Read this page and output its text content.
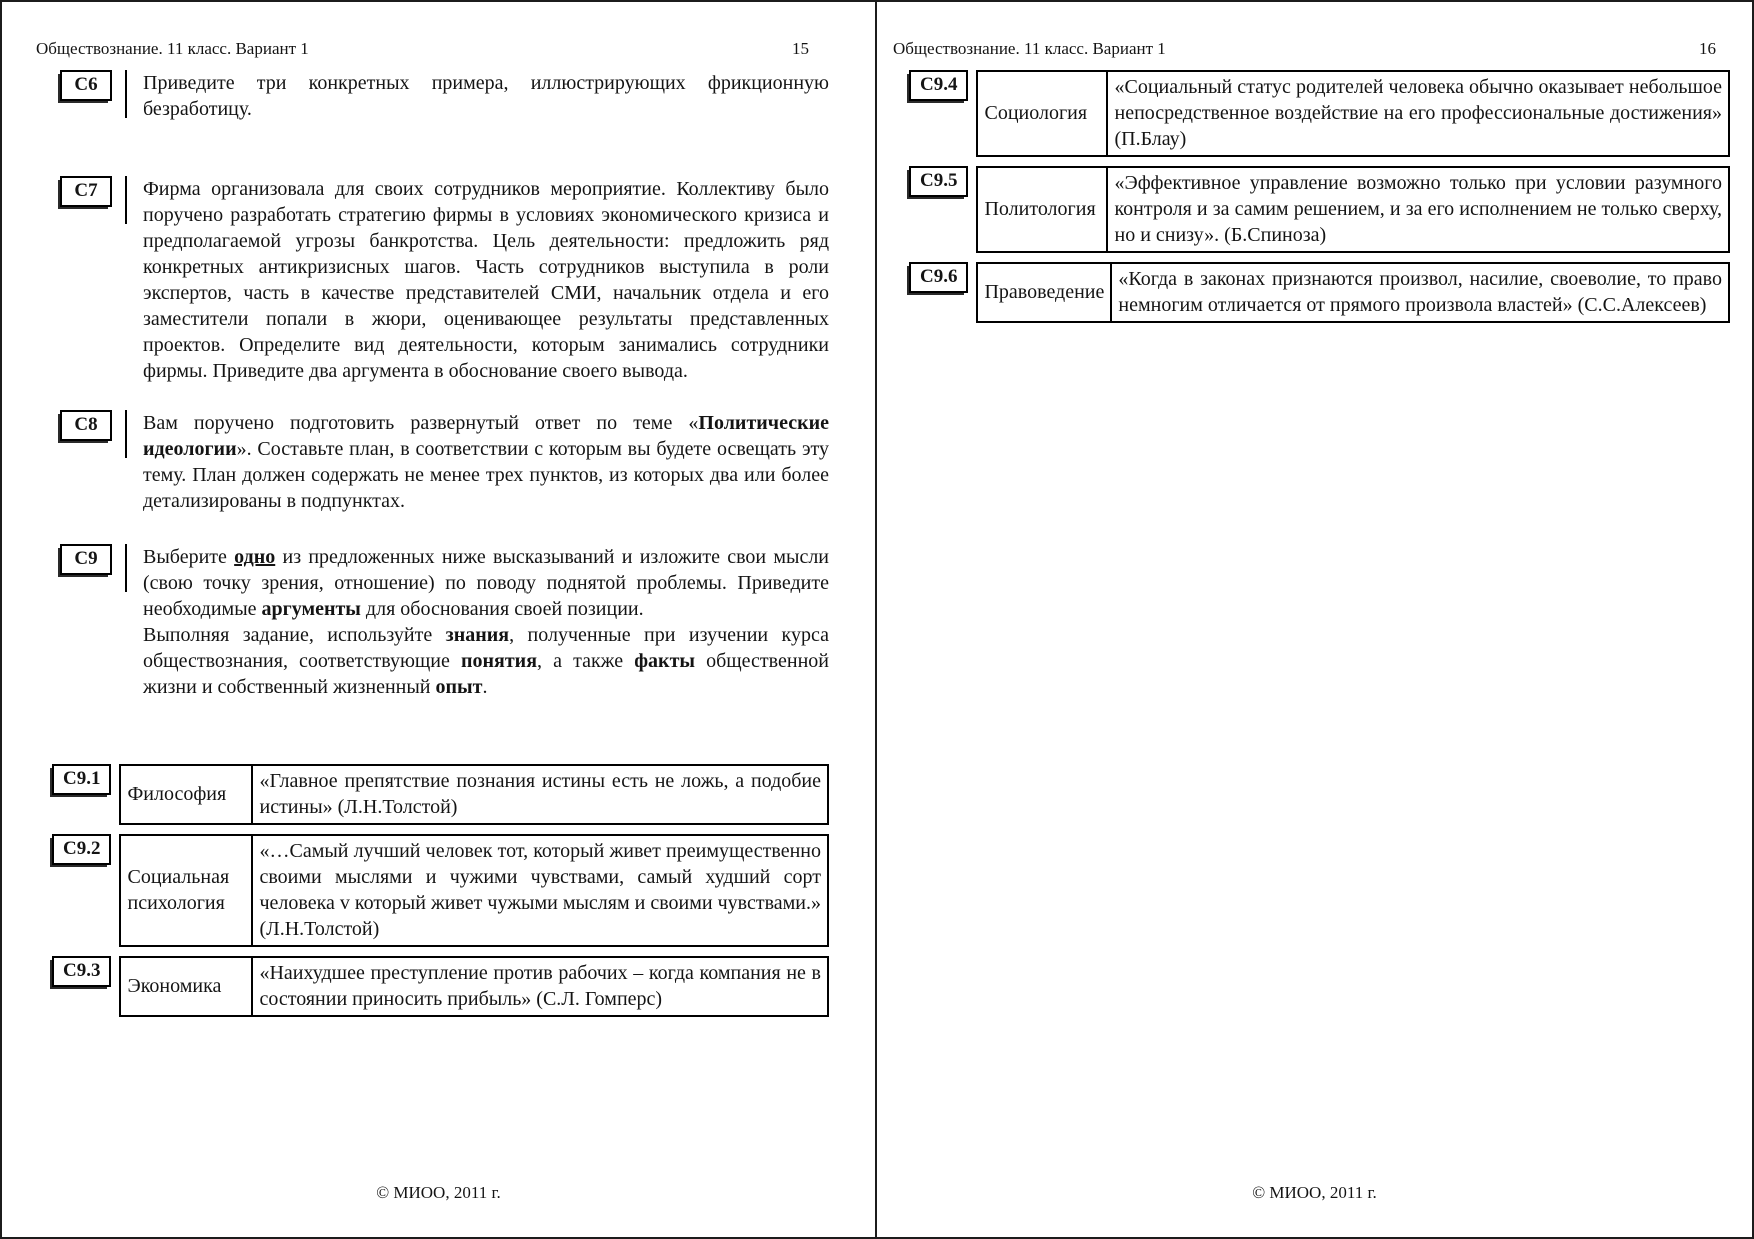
Обществознание. 11 класс. Вариант 1	15
С6	Приведите три конкретных примера, иллюстрирующих фрикционную безработицу.

С7	Фирма организовала для своих сотрудников мероприятие. Коллективу было поручено разработать стратегию фирмы в условиях экономического кризиса и предполагаемой угрозы банкротства. Цель деятельности: предложить ряд конкретных антикризисных шагов. Часть сотрудников выступила в роли экспертов, часть в качестве представителей СМИ, начальник отдела и его заместители попали в жюри, оценивающее результаты представленных проектов. Определите вид деятельности, которым занимались сотрудники фирмы. Приведите два аргумента в обоснование своего вывода.

С8	Вам поручено подготовить развернутый ответ по теме «Политические идеологии». Составьте план, в соответствии с которым вы будете освещать эту тему. План должен содержать не менее трех пунктов, из которых два или более детализированы в подпунктах.

С9	Выберите одно из предложенных ниже высказываний и изложите свои мысли (свою точку зрения, отношение) по поводу поднятой проблемы. Приведите необходимые аргументы для обоснования своей позиции.

Выполняя задание, используйте знания, полученные при изучении курса обществознания, соответствующие понятия, а также факты общественной жизни и собственный жизненный опыт.

С9.1
Философия	«Главное препятствие познания истины есть не ложь, а подобие истины» (Л.Н.Толстой)
С9.2
Социальная психология	«…Самый лучший человек тот, который живет преимущественно своими мыслями и чужими чувствами, самый худший сорт человека v который живет чужыми мыслям и своими чувствами.» (Л.Н.Толстой)
С9.3
Экономика	«Наихудшее преступление против рабочих – когда компания не в состоянии приносить прибыль» (С.Л. Гомперс)
© МИОО, 2011 г.
Обществознание. 11 класс. Вариант 1	16
С9.4
Социология	«Социальный статус родителей человека обычно оказывает небольшое непосредственное воздействие на его профессиональные достижения» (П.Блау)
С9.5
Политология	«Эффективное управление возможно только при условии разумного контроля и за самим решением, и за его исполнением не только сверху, но и снизу». (Б.Спиноза)
С9.6
Правоведение	«Когда в законах признаются произвол, насилие, своеволие, то право немногим отличается от прямого произвола властей» (С.С.Алексеев)
© МИОО, 2011 г.
